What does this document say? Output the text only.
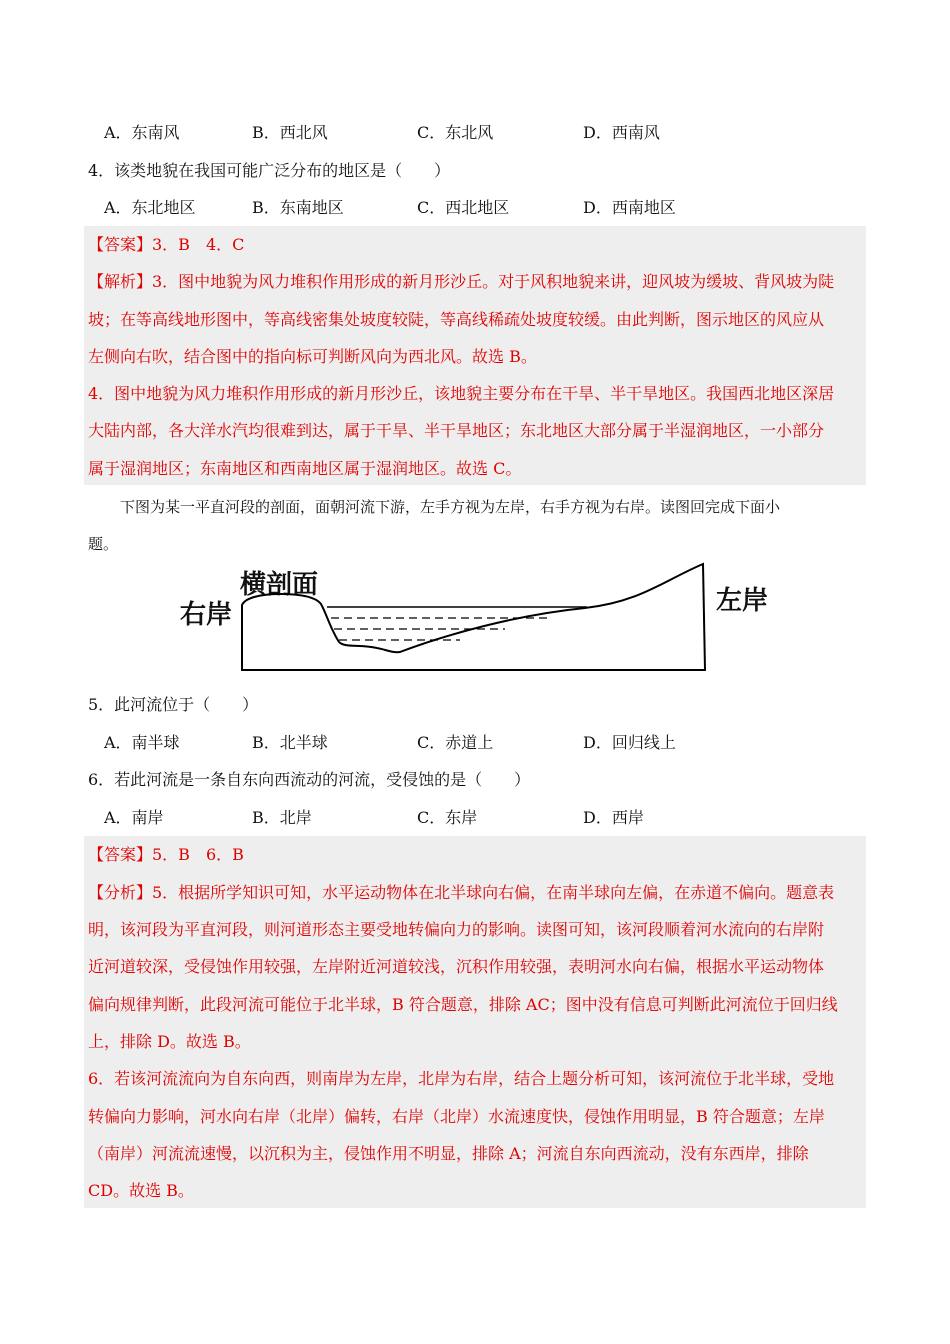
A．东南风	B．西北风	C．东北风	D．西南风
4．该类地貌在我国可能广泛分布的地区是（　　）
A．东北地区	B．东南地区	C．西北地区	D．西南地区
【答案】3．B　4．C
【解析】3．图中地貌为风力堆积作用形成的新月形沙丘。对于风积地貌来讲，迎风坡为缓坡、背风坡为陡
坡；在等高线地形图中，等高线密集处坡度较陡，等高线稀疏处坡度较缓。由此判断，图示地区的风应从
左侧向右吹，结合图中的指向标可判断风向为西北风。故选 B。
4．图中地貌为风力堆积作用形成的新月形沙丘，该地貌主要分布在干旱、半干旱地区。我国西北地区深居
大陆内部，各大洋水汽均很难到达，属于干旱、半干旱地区；东北地区大部分属于半湿润地区，一小部分
属于湿润地区；东南地区和西南地区属于湿润地区。故选 C。
下图为某一平直河段的剖面，面朝河流下游，左手方视为左岸，右手方视为右岸。读图回完成下面小
题。
横剖面
右岸	左岸
5．此河流位于（　　）
A．南半球	B．北半球	C．赤道上	D．回归线上
6．若此河流是一条自东向西流动的河流，受侵蚀的是（　　）
A．南岸	B．北岸	C．东岸	D．西岸
【答案】5．B　6．B
【分析】5．根据所学知识可知，水平运动物体在北半球向右偏，在南半球向左偏，在赤道不偏向。题意表
明，该河段为平直河段，则河道形态主要受地转偏向力的影响。读图可知，该河段顺着河水流向的右岸附
近河道较深，受侵蚀作用较强，左岸附近河道较浅，沉积作用较强，表明河水向右偏，根据水平运动物体
偏向规律判断，此段河流可能位于北半球，B 符合题意，排除 AC；图中没有信息可判断此河流位于回归线
上，排除 D。故选 B。
6．若该河流流向为自东向西，则南岸为左岸，北岸为右岸，结合上题分析可知，该河流位于北半球，受地
转偏向力影响，河水向右岸（北岸）偏转，右岸（北岸）水流速度快，侵蚀作用明显，B 符合题意；左岸
（南岸）河流流速慢，以沉积为主，侵蚀作用不明显，排除 A；河流自东向西流动，没有东西岸，排除
CD。故选 B。
